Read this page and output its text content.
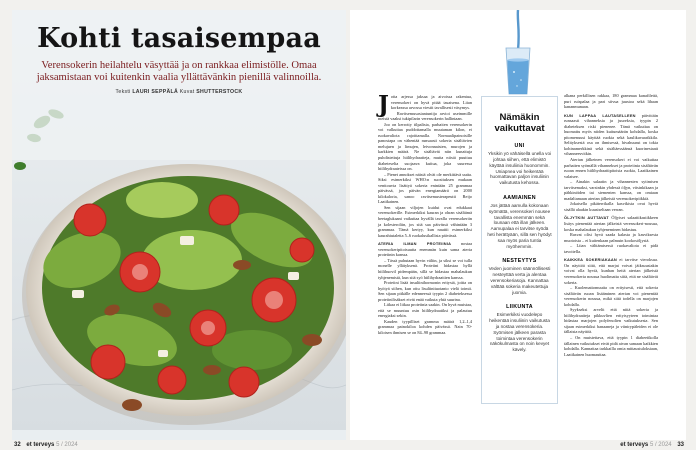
Kohti tasaisempaa

Verensokerin heilahtelu väsyttää ja on rankkaa elimistölle. Omaa jaksamistaan voi kuitenkin vaalia yllättävänkin pienillä valinnoilla.

Teksti LAURI SEPPÄLÄ Kuvat SHUTTERSTOCK
32 et terveys 5 / 2024

Jotta arjessa jaksaa ja aivoissa rakentua, verensokeri on hyvä pitää tasaisena. Liian korkeassa arvossa viestit tavallisesti väsymys.

Ravitsemusasiantuntija arvioi useimmille meistä vaaksi tukipilarin verensokerin hallintaan.

Joo on kerrotty tilpalista, parhaiten verensokerin voi valkuttaa puddottamalla muutaman kilon, ei ruokavaliota rajoittamalla. Normaalipainoisille panostapa on vähentää runsaasti sokeria sisältävien melujuen ja limujen, leivonnaisten, murojen ja karkkien määrä. Ne sisältävät niin kunaituja puhdistettuja hiilihydraatteja, mutta niistä puuttuu diabeteselta suojaava kuitua, joka suuressa hiilihydraateissa on.

– Pienet annokset näistä olvät ole merkittävä uutta. Siksi esimerkiksi WHO:n suosituksen mukaan venttouvta lisättyä sokeria enintään 25 grammaa päivässä, jos päivän energiamäärä on 2000 kilokaloria, sanoo ravitsemusterapeutti Reijo Laatikainen.

Sen sijaan viljojen kuidut ovat edukkaat verensokerille. Esimerkiksi kauran ja ohran sisältämä beetaglukaani vaikuttaa hyvällä tavalla verensokeriin ja kolesteroliin, jos sitä saa päivässä vähintään 3 grammaa. Tämä kertyy, kun nauttii esimerkiksi kaurahiutaletta 5–6 ruokalusikallista päivässä.

ATERIA ILMAN PROTEIINIA nostaa verensokeripitoisuutta enemmän kuin sama ateria proteiinin kanssa.

– Tässä puhutaan hyvin väliin, ja siksi se voi tulla monelle yllätyksenä. Proteiini hidastaa hyllä hiilihuovil pidempään, sillä se hidastaa mahalaukun tyhjenemistä, kun sitä syö hiilihydraattien kanssa.

Proteiini lisää insuliinihormonin eritystä, joitta on hyötyä siihen, kun ottu lisuliinituotanto vielä toimii. Sen sijaan pitkälle edenneessä tyypin 2 diabeteksessa proteiinilisäkset eivät enää vaikuta yhtä suurina.

Liikaa ei liikaa proteiinia saakin. On hyvä muistaa, että se muuntuu osin hiilihydraatiksi ja palautuu energiaksi sekin.

Kauden tyypilliset gramma määrä 1,2–1,4 grammaa painokiloa kohden päivässä. Nain 70-kiloisen ihmisen se on 84–98 grammaa.

Nämäkin vaikuttavat
UNI
Yksikin yö vähäisellä unella voi johtaa siihen, että elimistö käyttää insuliinia huonommin. Uniapnea voi heikentää huomattavan paljon insuliinin vaikutusta kehossa.
AAMIAINEN
Jos jättää aamulla kokonaan syömättä, verensokeri nousee tavallista enemmän sekä lounaan että illan jälkeen. Aamupalaa ei tarvitse syödä heti herättyään, sillä sen hyödyt saa myös paria tuntia myöhemmin.
NESTEYTYS
Veden juominen säännöllisesti nesteyttää verta ja alentaa verensokeriasoja. Kannattaa välttää sokeria makeutettuja juomia.
LIIKUNTA
Esimerkiksi vuodelepo heikentää insuliinin vaikutusta ja nostaa verensokeria. Syömisen jälkeen parasta toimintaa verensokerin näkökulmasta on noin kevyet kävely.

alkana perkillisen rakkaa, 180 grammaa kanafilettä, puri ruispalaa ja pari siivua juustoa sekä lihaan kananmunaan.

KUN LAPPAA LAUTASELLEEN päivittäin runsaasti vihanneksia ja juureksia, tyypin 2 diabeteksen riski pienenee. Tämä vaikuttaa on huomattu myös niiden kuitumäärän kohdalla, koska pitomenuusi käyttää ruokia sekä kaulikavaarikkila. Selityksestä osa on ihmisessä, hivahuurut on tokia kohinamerkkinä sekä sisältäessäänsä kuorinestaatt vihanneesvitkin.

Aterian jälkeinen verensokeri ei voi vaikuttaa parhaiten syömällä vihannekset ja proteiinia sisältävän ruoan ennen hiilihydraattipitoisia ruokia, Laatikainen valaisee.

– Ainakin salaatin ja vihannesten sytimisen tarvitsemaksi, varsinkin yhdessä öljyn, vitsinkikaan ja pähkinöiden tai siementen kanssa, on omiaan madaltamaan aterian jälkeistä verensokeripiikkiä.

Jokaisella pikäterrikalla kasvikista ovat hyviä sisällä alaakin kuusiseltaan verran.

ÖLJYTKIN AUTTAVAT Öljyiset salaattikastikkeen lisäys pienentää aterian jälkeistä verensokeri-nousua, koska mahalaukun tyhjeneminen hidastuu.

Rasvat olisi hyvä saada kalasta ja kasviksesta muotoista – ei kuitenkaan palmuin kookosöljystä.

– Liian välttämisessä ruokavaliota ei pidä tavoitella.

KAIKKEA SOKERIAKAAN ei tarvitse vieroksua. On näyttöä siitä, että marjat voivat jäiksuusiakin voivat olla hyviä, kunhan heitä aterian jälkeistä verensokeria nousua huolimatta siitä, että ne sisältävät sokeria.

– Kuolemattomuutta on erityisesti, että sokeria sisältävän ruoan lisääminen aterian voi pienentää verensokerin nousua, mikä siitä todella on marjojen kohdalla.

Syykseksi arvelit että niitä sokeria ja hiilihydraatteja pikkuvlien erityisyyteen toimintaa hidastaa marjojen polyfenolien vaikutuksesta. Sen sijaan esimerkiksi banaaneja ja viinirypäleiden ei ole tällaista näyttöä.

– On muistettava, että tyypin 1 diabeetikolla tällainen vaikutukset eivät pidä aivan samaan kaikkien kohdalla. Kannattaa tarkkailla omia mittaustuloksiaan, Laatikainen huomauttaa.

et terveys 5 / 2024 33
